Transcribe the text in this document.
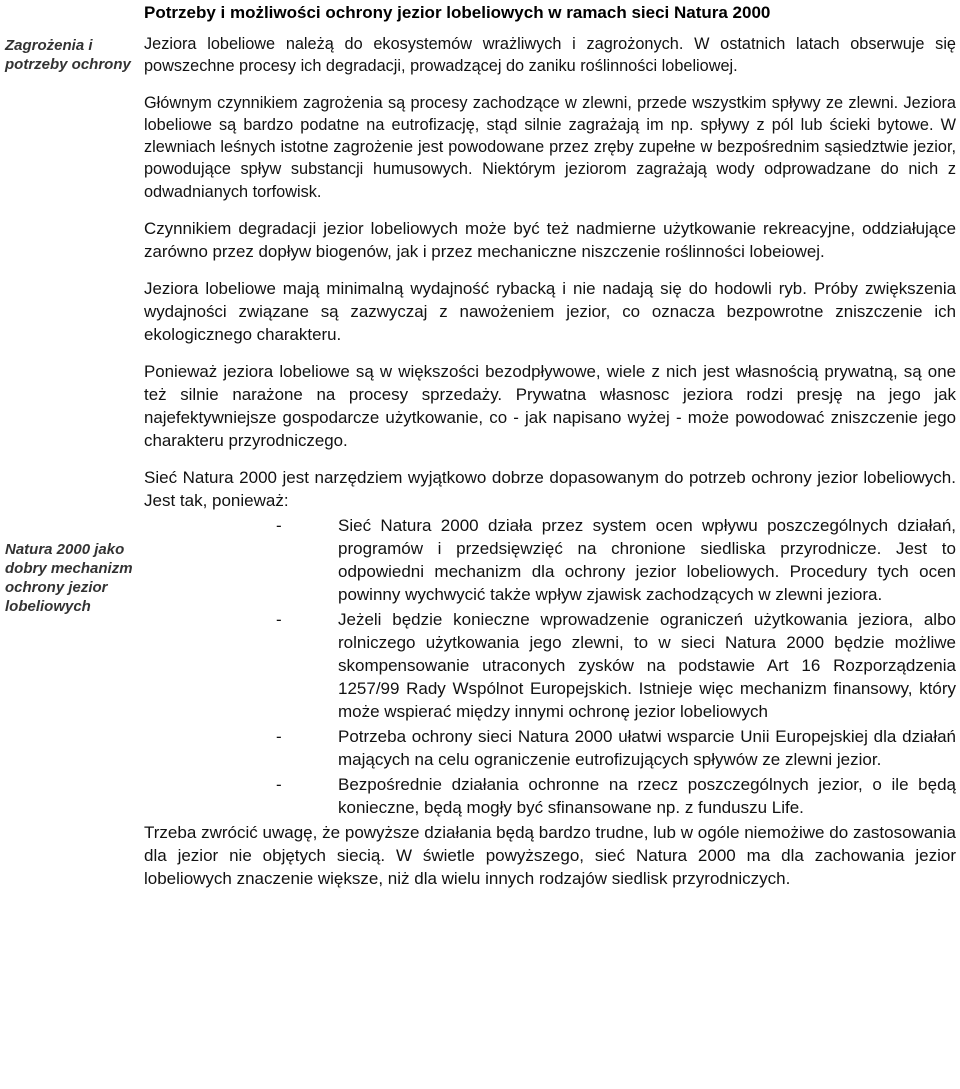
Zagrożenia i potrzeby ochrony
Natura 2000 jako dobry mechanizm ochrony jezior lobeliowych
Potrzeby i możliwości ochrony jezior lobeliowych w ramach sieci Natura 2000

Jeziora lobeliowe należą do ekosystemów wrażliwych i zagrożonych. W ostatnich latach obserwuje się powszechne procesy ich degradacji, prowadzącej do zaniku roślinności lobeliowej.

Głównym czynnikiem zagrożenia są procesy zachodzące w zlewni, przede wszystkim spływy ze zlewni. Jeziora lobeliowe są bardzo podatne na eutrofizację, stąd silnie zagrażają im np. spływy z pól lub ścieki bytowe. W zlewniach leśnych istotne zagrożenie jest powodowane przez zręby zupełne w bezpośrednim sąsiedztwie jezior, powodujące spływ substancji humusowych. Niektórym jeziorom zagrażają wody odprowadzane do nich z odwadnianych torfowisk.

Czynnikiem degradacji jezior lobeliowych może być też nadmierne użytkowanie rekreacyjne, oddziałujące zarówno przez dopływ biogenów, jak i przez mechaniczne niszczenie roślinności lobeiowej.

Jeziora lobeliowe mają minimalną wydajność rybacką i nie nadają się do hodowli ryb. Próby zwiększenia wydajności związane są zazwyczaj z nawożeniem jezior, co oznacza bezpowrotne zniszczenie ich ekologicznego charakteru.

Ponieważ jeziora lobeliowe są w większości bezodpływowe, wiele z nich jest własnością prywatną, są one też silnie narażone na procesy sprzedaży. Prywatna własnosc jeziora rodzi presję na jego jak najefektywniejsze gospodarcze użytkowanie, co - jak napisano wyżej - może powodować zniszczenie jego charakteru przyrodniczego.

Sieć Natura 2000 jest narzędziem wyjątkowo dobrze dopasowanym do potrzeb ochrony jezior lobeliowych. Jest tak, ponieważ:

-	Sieć Natura 2000 działa przez system ocen wpływu poszczególnych działań, programów i przedsięwzięć na chronione siedliska przyrodnicze. Jest to odpowiedni mechanizm dla ochrony jezior lobeliowych. Procedury tych ocen powinny wychwycić także wpływ zjawisk zachodzących w zlewni jeziora.
-	Jeżeli będzie konieczne wprowadzenie ograniczeń użytkowania jeziora, albo rolniczego użytkowania jego zlewni, to w sieci Natura 2000 będzie możliwe skompensowanie utraconych zysków na podstawie Art 16 Rozporządzenia 1257/99 Rady Wspólnot Europejskich. Istnieje więc mechanizm finansowy, który może wspierać między innymi ochronę jezior lobeliowych
-	Potrzeba ochrony sieci Natura 2000 ułatwi wsparcie Unii Europejskiej dla działań mających na celu ograniczenie eutrofizujących spływów ze zlewni jezior.
-	Bezpośrednie działania ochronne na rzecz poszczególnych jezior, o ile będą konieczne, będą mogły być sfinansowane np. z funduszu Life.

Trzeba zwrócić uwagę, że powyższe działania będą bardzo trudne, lub w ogóle niemożiwe do zastosowania dla jezior nie objętych siecią. W świetle powyższego, sieć Natura 2000 ma dla zachowania jezior lobeliowych znaczenie większe, niż dla wielu innych rodzajów siedlisk przyrodniczych.
